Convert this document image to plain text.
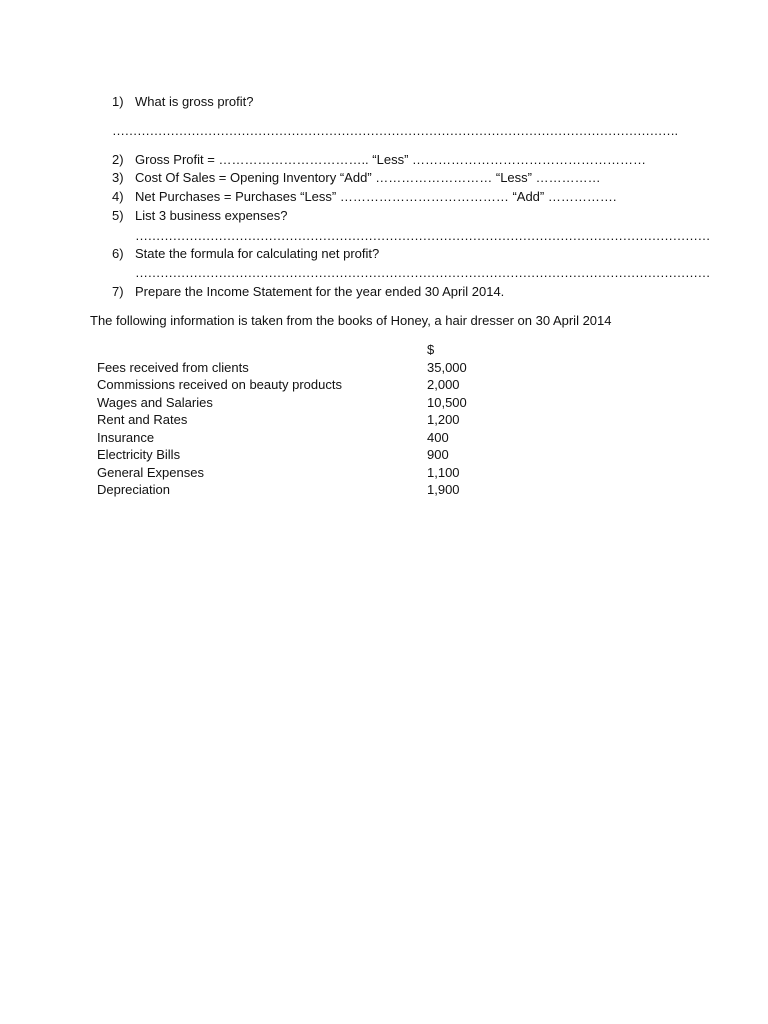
1) What is gross profit?
……………………………………………………………………………………………………………………….
2) Gross Profit = …………………………….. “Less” ………………………………………………
3) Cost Of Sales = Opening Inventory “Add” ……………………… “Less” ……………
4) Net Purchases = Purchases “Less” ………………………………… “Add” …………….
5) List 3 business expenses?
…………………………………………………………………………………………………………………………
6) State the formula for calculating net profit?
…………………………………………………………………………………………………………………………
7) Prepare the Income Statement for the year ended 30 April 2014.
The following information is taken from the books of Honey, a hair dresser on 30 April 2014
	$
Fees received from clients	35,000
Commissions received on beauty products	2,000
Wages and Salaries	10,500
Rent and Rates	1,200
Insurance	400
Electricity Bills	900
General Expenses	1,100
Depreciation	1,900
